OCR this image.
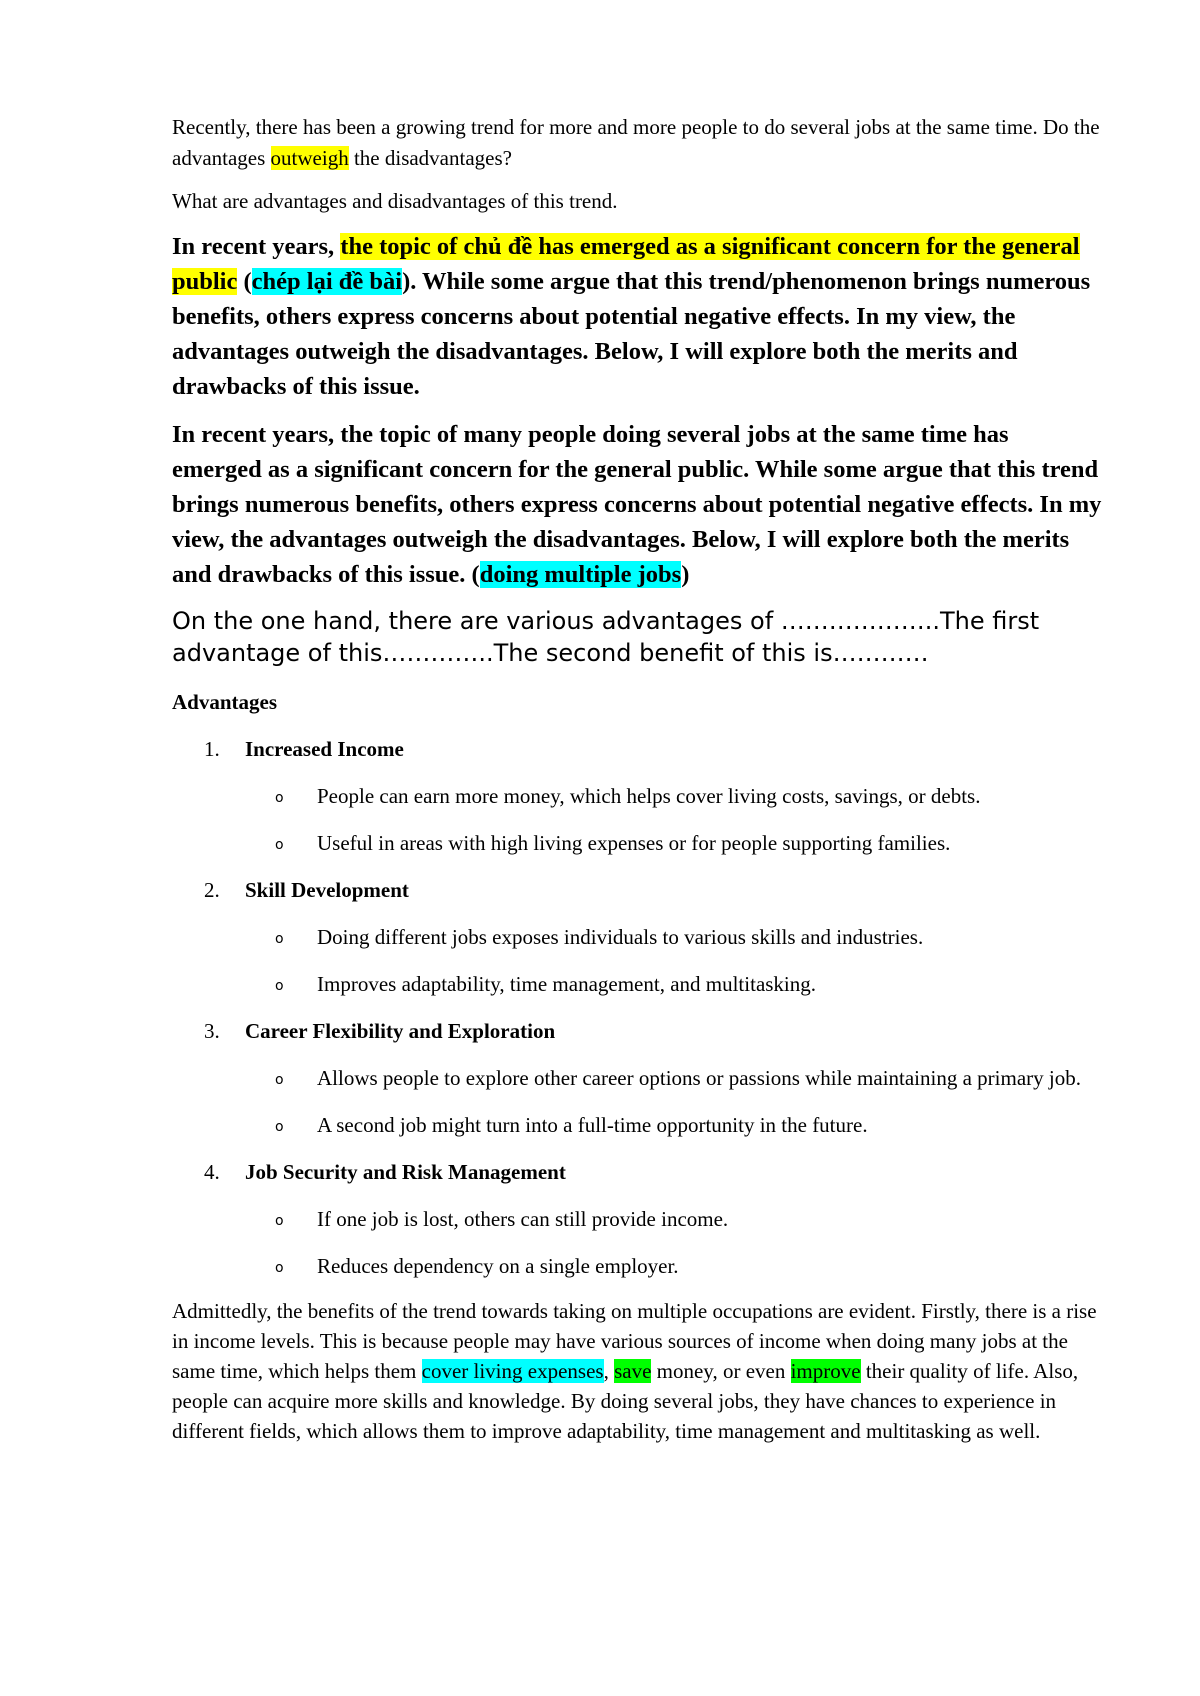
Recently, there has been a growing trend for more and more people to do several jobs at the same time. Do the advantages outweigh the disadvantages?

What are advantages and disadvantages of this trend.

In recent years, the topic of chủ đề has emerged as a significant concern for the general public (chép lại đề bài). While some argue that this trend/phenomenon brings numerous benefits, others express concerns about potential negative effects. In my view, the advantages outweigh the disadvantages. Below, I will explore both the merits and drawbacks of this issue.

In recent years, the topic of many people doing several jobs at the same time has emerged as a significant concern for the general public. While some argue that this trend brings numerous benefits, others express concerns about potential negative effects. In my view, the advantages outweigh the disadvantages. Below, I will explore both the merits and drawbacks of this issue. (doing multiple jobs)

On the one hand, there are various advantages of ………………..The first advantage of this…………..The second benefit of this is…………

Advantages

1. Increased Income
o People can earn more money, which helps cover living costs, savings, or debts.
o Useful in areas with high living expenses or for people supporting families.
2. Skill Development
o Doing different jobs exposes individuals to various skills and industries.
o Improves adaptability, time management, and multitasking.
3. Career Flexibility and Exploration
o Allows people to explore other career options or passions while maintaining a primary job.
o A second job might turn into a full-time opportunity in the future.
4. Job Security and Risk Management
o If one job is lost, others can still provide income.
o Reduces dependency on a single employer.

Admittedly, the benefits of the trend towards taking on multiple occupations are evident. Firstly, there is a rise in income levels. This is because people may have various sources of income when doing many jobs at the same time, which helps them cover living expenses, save money, or even improve their quality of life. Also, people can acquire more skills and knowledge. By doing several jobs, they have chances to experience in different fields, which allows them to improve adaptability, time management and multitasking as well.
